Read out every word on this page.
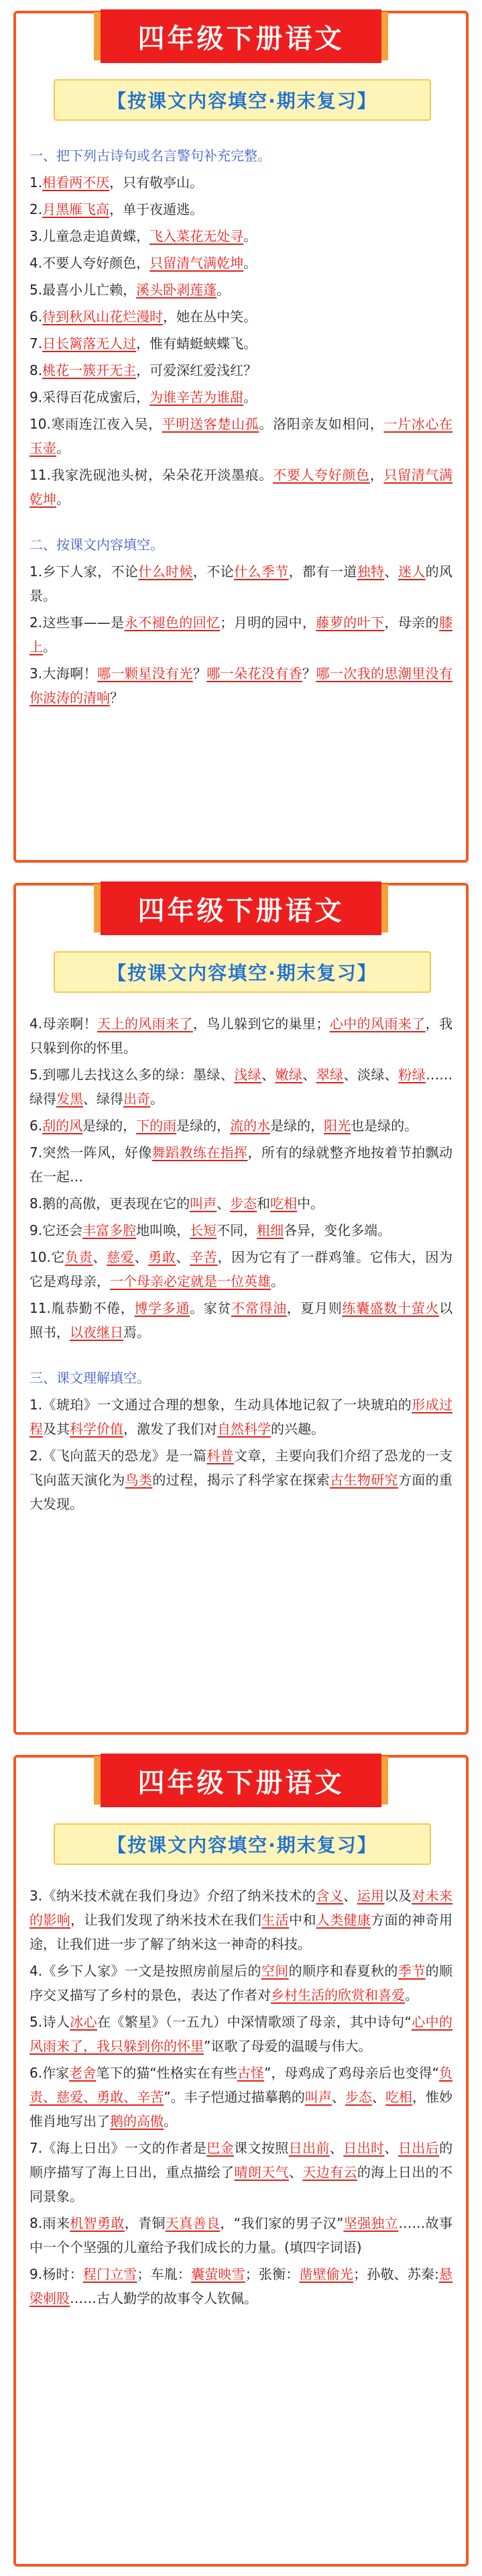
四年级下册语文
【按课文内容填空·期末复习】
一、把下列古诗句或名言警句补充完整。

1.相看两不厌，只有敬亭山。

2.月黑雁飞高，单于夜遁逃。

3.儿童急走追黄蝶，飞入菜花无处寻。

4.不要人夸好颜色，只留清气满乾坤。

5.最喜小儿亡赖，溪头卧剥莲蓬。

6.待到秋风山花烂漫时，她在丛中笑。

7.日长篱落无人过，惟有蜻蜓蛱蝶飞。

8.桃花一簇开无主，可爱深红爱浅红？

9.采得百花成蜜后，为谁辛苦为谁甜。

10.寒雨连江夜入吴，平明送客楚山孤。洛阳亲友如相问，一片冰心在玉壶。

11.我家洗砚池头树，朵朵花开淡墨痕。不要人夸好颜色，只留清气满乾坤。

二、按课文内容填空。

1.乡下人家，不论什么时候，不论什么季节，都有一道独特、迷人的风景。

2.这些事——是永不褪色的回忆；月明的园中，藤萝的叶下，母亲的膝上。

3.大海啊！哪一颗星没有光？哪一朵花没有香？哪一次我的思潮里没有你波涛的清响？

四年级下册语文
【按课文内容填空·期末复习】

4.母亲啊！天上的风雨来了，鸟儿躲到它的巢里；心中的风雨来了，我只躲到你的怀里。

5.到哪儿去找这么多的绿：墨绿、浅绿、嫩绿、翠绿、淡绿、粉绿……绿得发黑、绿得出奇。

6.刮的风是绿的，下的雨是绿的，流的水是绿的，阳光也是绿的。

7.突然一阵风，好像舞蹈教练在指挥，所有的绿就整齐地按着节拍飘动在一起…

8.鹅的高傲，更表现在它的叫声、步态和吃相中。

9.它还会丰富多腔地叫唤，长短不同，粗细各异，变化多端。

10.它负责、慈爱、勇敢、辛苦，因为它有了一群鸡雏。它伟大，因为它是鸡母亲，一个母亲必定就是一位英雄。

11.胤恭勤不倦，博学多通。家贫不常得油，夏月则练囊盛数十萤火以照书，以夜继日焉。

三、课文理解填空。

1.《琥珀》一文通过合理的想象，生动具体地记叙了一块琥珀的形成过程及其科学价值，激发了我们对自然科学的兴趣。

2.《飞向蓝天的恐龙》是一篇科普文章，主要向我们介绍了恐龙的一支飞向蓝天演化为鸟类的过程，揭示了科学家在探索古生物研究方面的重大发现。

四年级下册语文
【按课文内容填空·期末复习】

3.《纳米技术就在我们身边》介绍了纳米技术的含义、运用以及对未来的影响，让我们发现了纳米技术在我们生活中和人类健康方面的神奇用途，让我们进一步了解了纳米这一神奇的科技。

4.《乡下人家》一文是按照房前屋后的空间的顺序和春夏秋的季节的顺序交叉描写了乡村的景色，表达了作者对乡村生活的欣赏和喜爱。

5.诗人冰心在《繁星》（一五九）中深情歌颂了母亲，其中诗句“心中的风雨来了，我只躲到你的怀里”讴歌了母爱的温暖与伟大。

6.作家老舍笔下的猫“性格实在有些古怪”，母鸡成了鸡母亲后也变得“负责、慈爱、勇敢、辛苦”。丰子恺通过描摹鹅的叫声、步态、吃相，惟妙惟肖地写出了鹅的高傲。

7.《海上日出》一文的作者是巴金课文按照日出前、日出时、日出后的顺序描写了海上日出，重点描绘了晴朗天气、天边有云的海上日出的不同景象。

8.雨来机智勇敢，青铜天真善良，“我们家的男子汉”坚强独立……故事中一个个坚强的儿童给予我们成长的力量。(填四字词语)

9.杨时：程门立雪；车胤：囊萤映雪；张衡：凿壁偷光；孙敬、苏秦:悬梁刺股……古人勤学的故事令人钦佩。
